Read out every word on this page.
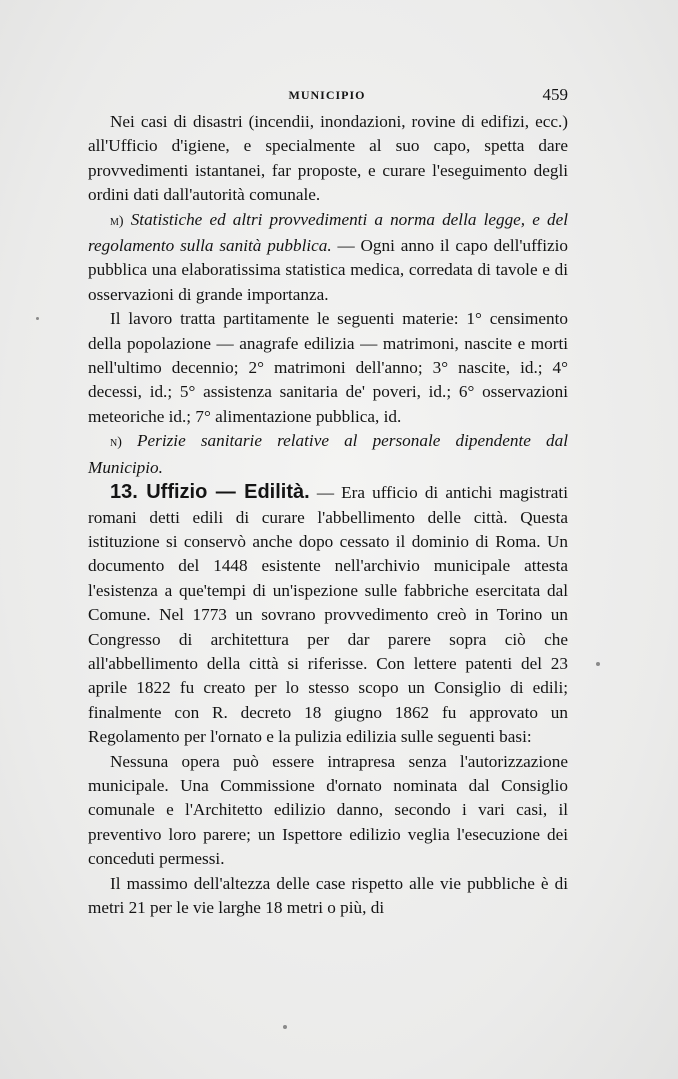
MUNICIPIO	459

Nei casi di disastri (incendii, inondazioni, rovine di edifizi, ecc.) all'Ufficio d'igiene, e specialmente al suo capo, spetta dare provvedimenti istantanei, far proposte, e curare l'eseguimento degli ordini dati dall'autorità comunale.

m) Statistiche ed altri provvedimenti a norma della legge, e del regolamento sulla sanità pubblica. — Ogni anno il capo dell'uffizio pubblica una elaboratissima statistica medica, corredata di tavole e di osservazioni di grande importanza.

Il lavoro tratta partitamente le seguenti materie: 1° censimento della popolazione — anagrafe edilizia — matrimoni, nascite e morti nell'ultimo decennio; 2° matrimoni dell'anno; 3° nascite, id.; 4° decessi, id.; 5° assistenza sanitaria de' poveri, id.; 6° osservazioni meteoriche id.; 7° alimentazione pubblica, id.

n) Perizie sanitarie relative al personale dipendente dal Municipio.

13. Uffizio — Edilità. — Era ufficio di antichi magistrati romani detti edili di curare l'abbellimento delle città. Questa istituzione si conservò anche dopo cessato il dominio di Roma. Un documento del 1448 esistente nell'archivio municipale attesta l'esistenza a que'tempi di un'ispezione sulle fabbriche esercitata dal Comune. Nel 1773 un sovrano provvedimento creò in Torino un Congresso di architettura per dar parere sopra ciò che all'abbellimento della città si riferisse. Con lettere patenti del 23 aprile 1822 fu creato per lo stesso scopo un Consiglio di edili; finalmente con R. decreto 18 giugno 1862 fu approvato un Regolamento per l'ornato e la pulizia edilizia sulle seguenti basi:

Nessuna opera può essere intrapresa senza l'autorizzazione municipale. Una Commissione d'ornato nominata dal Consiglio comunale e l'Architetto edilizio danno, secondo i vari casi, il preventivo loro parere; un Ispettore edilizio veglia l'esecuzione dei conceduti permessi.

Il massimo dell'altezza delle case rispetto alle vie pubbliche è di metri 21 per le vie larghe 18 metri o più, di
